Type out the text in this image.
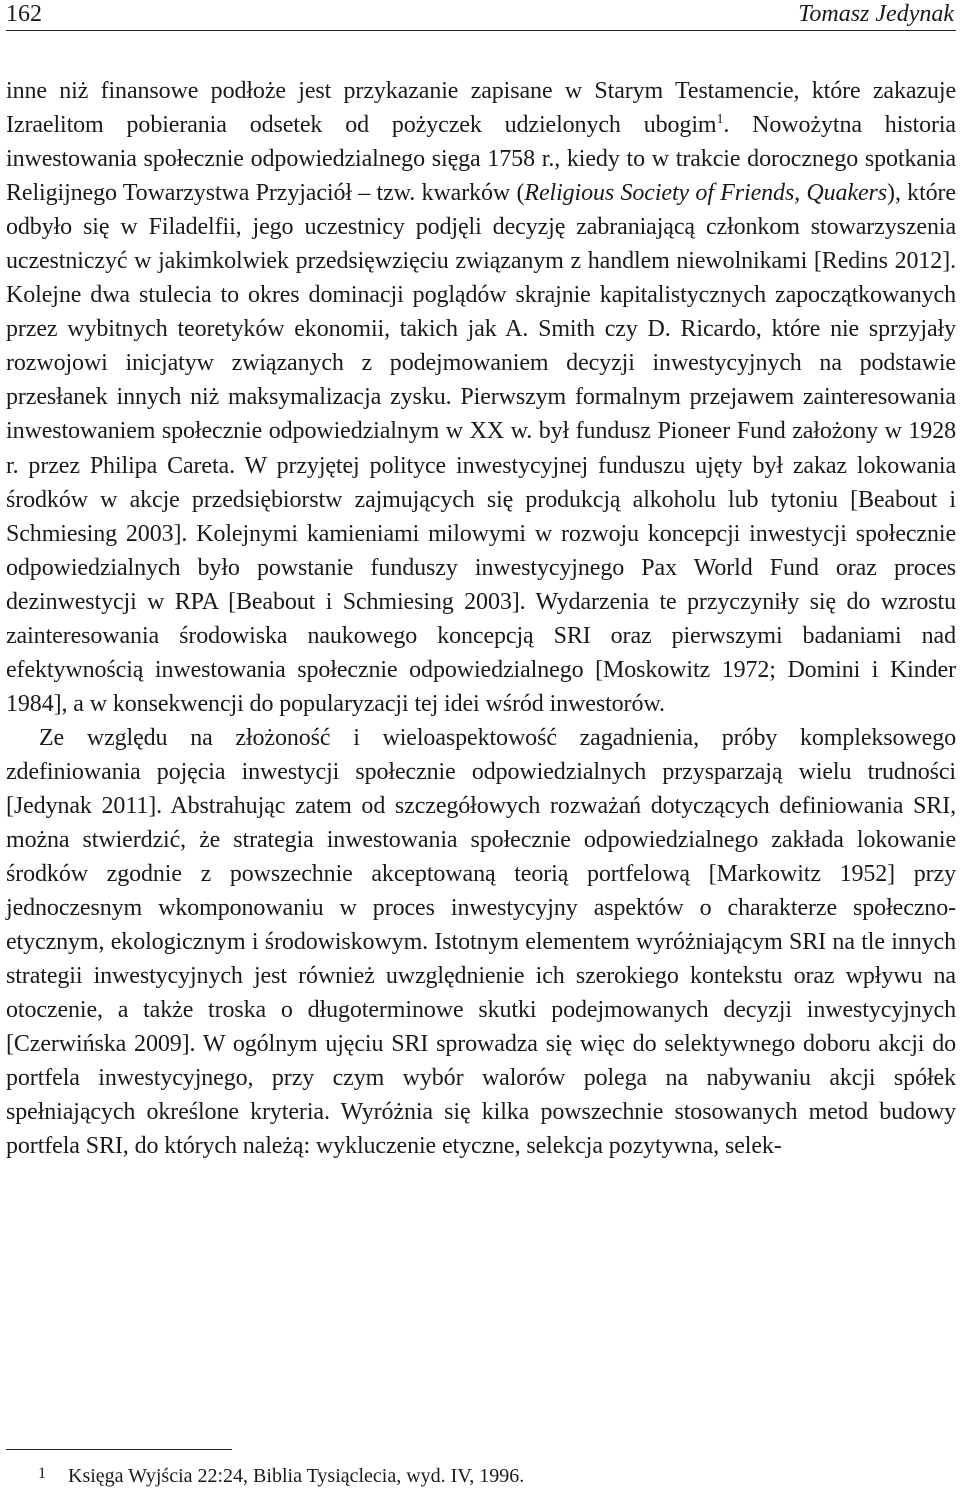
162	Tomasz Jedynak

inne niż finansowe podłoże jest przykazanie zapisane w Starym Testamencie, które zakazuje Izraelitom pobierania odsetek od pożyczek udzielonych ubogim$^1$. Nowożytna historia inwestowania społecznie odpowiedzialnego sięga 1758 r., kiedy to w trakcie dorocznego spotkania Religijnego Towarzystwa Przyjaciół – tzw. kwarków (Religious Society of Friends, Quakers), które odbyło się w Filadelfii, jego uczestnicy podjęli decyzję zabraniającą członkom stowarzyszenia uczestniczyć w jakimkolwiek przedsięwzięciu związanym z handlem niewolnikami [Redins 2012]. Kolejne dwa stulecia to okres dominacji poglądów skrajnie kapitalistycznych zapoczątkowanych przez wybitnych teoretyków ekonomii, takich jak A. Smith czy D. Ricardo, które nie sprzyjały rozwojowi inicjatyw związanych z podejmowaniem decyzji inwestycyjnych na podstawie przesłanek innych niż maksymalizacja zysku. Pierwszym formalnym przejawem zainteresowania inwestowaniem społecznie odpowiedzialnym w XX w. był fundusz Pioneer Fund założony w 1928 r. przez Philipa Careta. W przyjętej polityce inwestycyjnej funduszu ujęty był zakaz lokowania środków w akcje przedsiębiorstw zajmujących się produkcją alkoholu lub tytoniu [Beabout i Schmiesing 2003]. Kolejnymi kamieniami milowymi w rozwoju koncepcji inwestycji społecznie odpowiedzialnych było powstanie funduszy inwestycyjnego Pax World Fund oraz proces dezinwestycji w RPA [Beabout i Schmiesing 2003]. Wydarzenia te przyczyniły się do wzrostu zainteresowania środowiska naukowego koncepcją SRI oraz pierwszymi badaniami nad efektywnością inwestowania społecznie odpowiedzialnego [Moskowitz 1972; Domini i Kinder 1984], a w konsekwencji do popularyzacji tej idei wśród inwestorów.

Ze względu na złożoność i wieloaspektowość zagadnienia, próby kompleksowego zdefiniowania pojęcia inwestycji społecznie odpowiedzialnych przysparzają wielu trudności [Jedynak 2011]. Abstrahując zatem od szczegółowych rozważań dotyczących definiowania SRI, można stwierdzić, że strategia inwestowania społecznie odpowiedzialnego zakłada lokowanie środków zgodnie z powszechnie akceptowaną teorią portfelową [Markowitz 1952] przy jednoczesnym wkomponowaniu w proces inwestycyjny aspektów o charakterze społeczno-etycznym, ekologicznym i środowiskowym. Istotnym elementem wyróżniającym SRI na tle innych strategii inwestycyjnych jest również uwzględnienie ich szerokiego kontekstu oraz wpływu na otoczenie, a także troska o długoterminowe skutki podejmowanych decyzji inwestycyjnych [Czerwińska 2009]. W ogólnym ujęciu SRI sprowadza się więc do selektywnego doboru akcji do portfela inwestycyjnego, przy czym wybór walorów polega na nabywaniu akcji spółek spełniających określone kryteria. Wyróżnia się kilka powszechnie stosowanych metod budowy portfela SRI, do których należą: wykluczenie etyczne, selekcja pozytywna, selek-

1 Księga Wyjścia 22:24, Biblia Tysiąclecia, wyd. IV, 1996.
